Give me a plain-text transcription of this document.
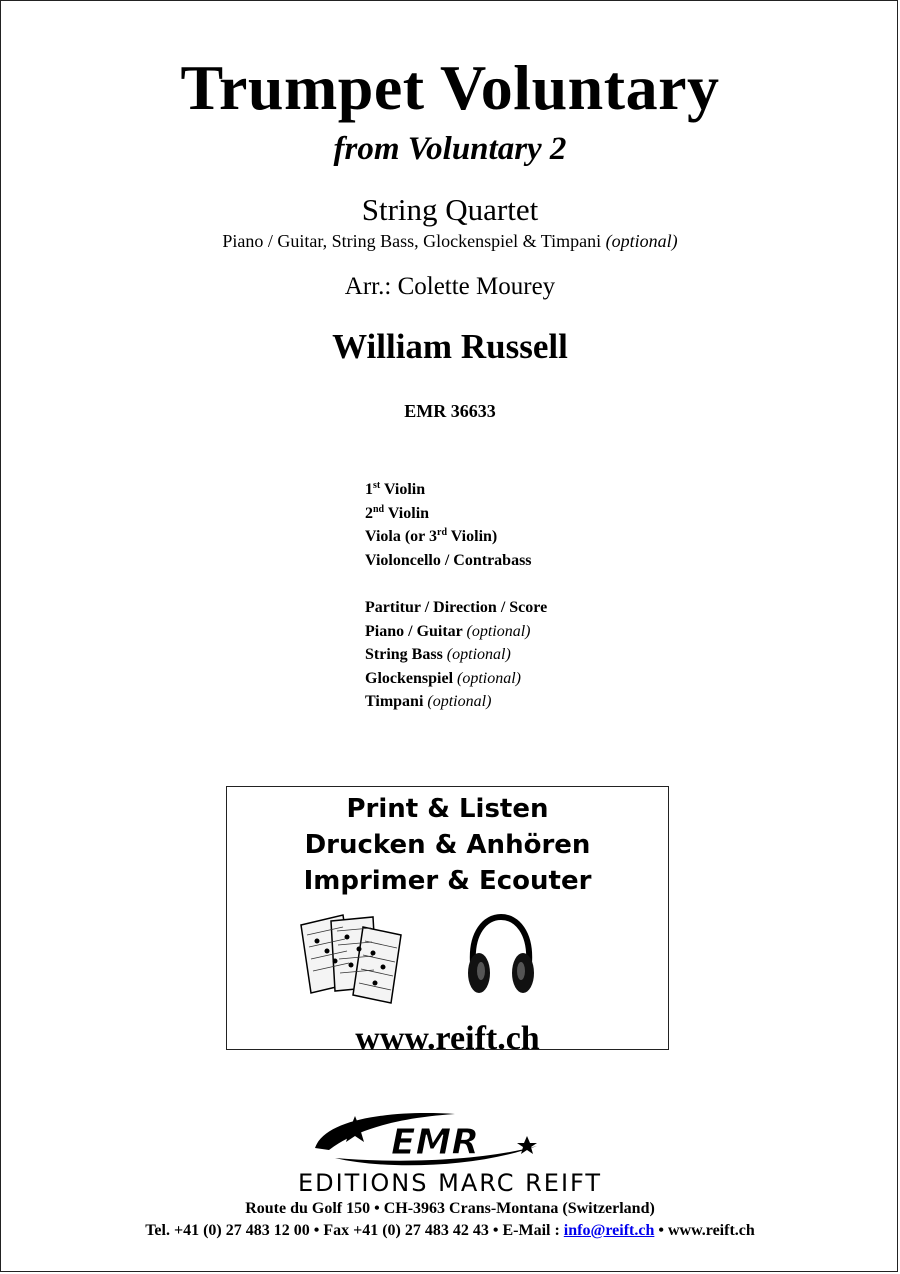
Trumpet Voluntary
from Voluntary 2
String Quartet
Piano / Guitar, String Bass, Glockenspiel & Timpani (optional)
Arr.: Colette Mourey
William Russell
EMR 36633
1st Violin
2nd Violin
Viola (or 3rd Violin)
Violoncello / Contrabass
Partitur / Direction / Score
Piano / Guitar (optional)
String Bass (optional)
Glockenspiel (optional)
Timpani (optional)
Print & Listen
Drucken & Anhören
Imprimer & Ecouter
www.reift.ch
EMR
EDITIONS MARC REIFT
Route du Golf 150 • CH-3963 Crans-Montana (Switzerland)
Tel. +41 (0) 27 483 12 00 • Fax +41 (0) 27 483 42 43 • E-Mail : info@reift.ch • www.reift.ch
